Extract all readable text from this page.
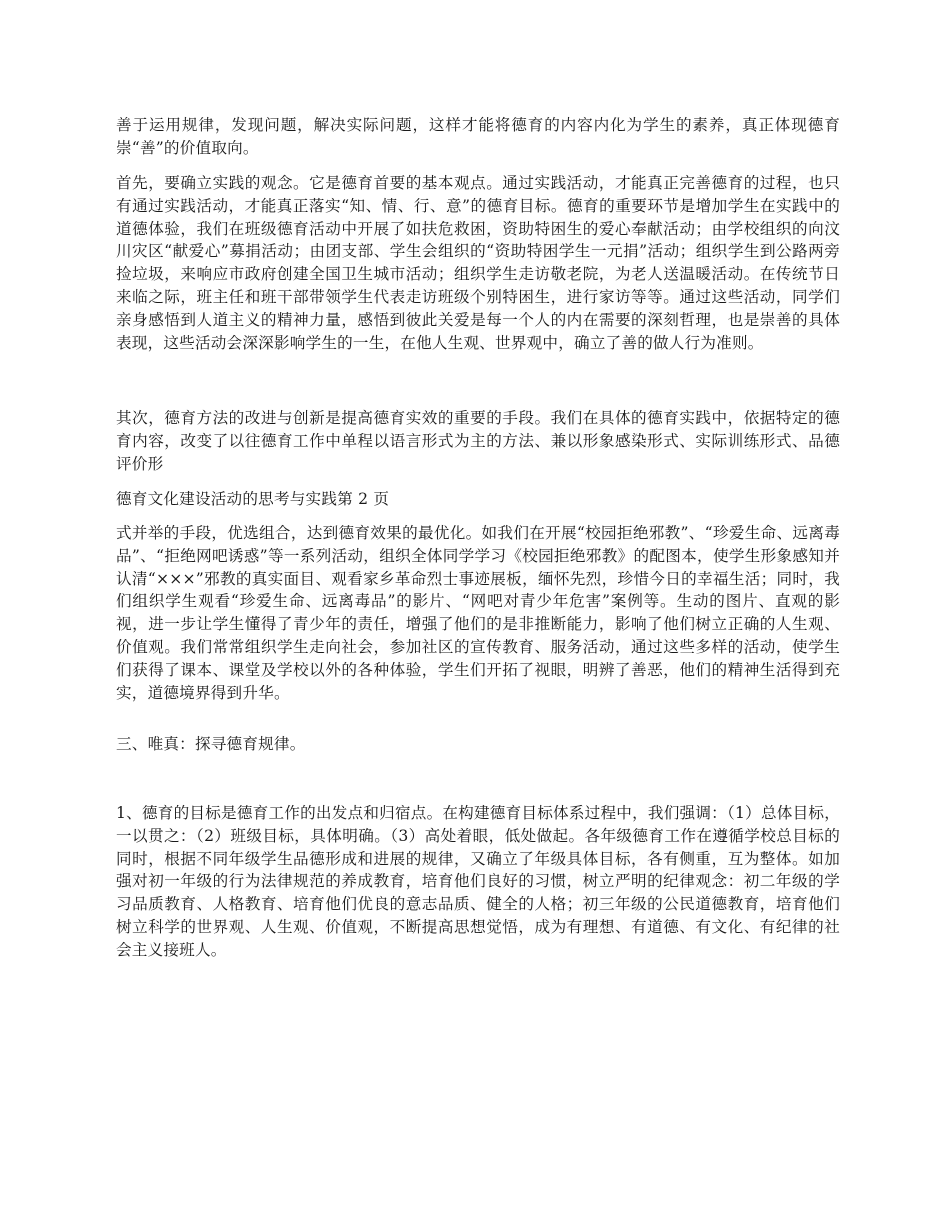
善于运用规律，发现问题，解决实际问题，这样才能将德育的内容内化为学生的素养，真正体现德育崇“善”的价值取向。

首先，要确立实践的观念。它是德育首要的基本观点。通过实践活动，才能真正完善德育的过程，也只有通过实践活动，才能真正落实“知、情、行、意”的德育目标。德育的重要环节是增加学生在实践中的道德体验，我们在班级德育活动中开展了如扶危救困，资助特困生的爱心奉献活动；由学校组织的向汶川灾区“献爱心”募捐活动；由团支部、学生会组织的“资助特困学生一元捐”活动；组织学生到公路两旁捡垃圾，来响应市政府创建全国卫生城市活动；组织学生走访敬老院，为老人送温暖活动。在传统节日来临之际，班主任和班干部带领学生代表走访班级个别特困生，进行家访等等。通过这些活动，同学们亲身感悟到人道主义的精神力量，感悟到彼此关爱是每一个人的内在需要的深刻哲理，也是崇善的具体表现，这些活动会深深影响学生的一生，在他人生观、世界观中，确立了善的做人行为准则。

其次，德育方法的改进与创新是提高德育实效的重要的手段。我们在具体的德育实践中，依据特定的德育内容，改变了以往德育工作中单程以语言形式为主的方法、兼以形象感染形式、实际训练形式、品德评价形

德育文化建设活动的思考与实践第 2 页

式并举的手段，优选组合，达到德育效果的最优化。如我们在开展“校园拒绝邪教”、“珍爱生命、远离毒品”、“拒绝网吧诱惑”等一系列活动，组织全体同学学习《校园拒绝邪教》的配图本，使学生形象感知并认清“×××”邪教的真实面目、观看家乡革命烈士事迹展板，缅怀先烈，珍惜今日的幸福生活；同时，我们组织学生观看“珍爱生命、远离毒品”的影片、“网吧对青少年危害”案例等。生动的图片、直观的影视，进一步让学生懂得了青少年的责任，增强了他们的是非推断能力，影响了他们树立正确的人生观、价值观。我们常常组织学生走向社会，参加社区的宣传教育、服务活动，通过这些多样的活动，使学生们获得了课本、课堂及学校以外的各种体验，学生们开拓了视眼，明辨了善恶，他们的精神生活得到充实，道德境界得到升华。

三、唯真：探寻德育规律。

1、德育的目标是德育工作的出发点和归宿点。在构建德育目标体系过程中，我们强调：（1）总体目标，一以贯之：（2）班级目标，具体明确。（3）高处着眼，低处做起。各年级德育工作在遵循学校总目标的同时，根据不同年级学生品德形成和进展的规律，又确立了年级具体目标，各有侧重，互为整体。如加强对初一年级的行为法律规范的养成教育，培育他们良好的习惯，树立严明的纪律观念：初二年级的学习品质教育、人格教育、培育他们优良的意志品质、健全的人格；初三年级的公民道德教育，培育他们树立科学的世界观、人生观、价值观，不断提高思想觉悟，成为有理想、有道德、有文化、有纪律的社会主义接班人。
